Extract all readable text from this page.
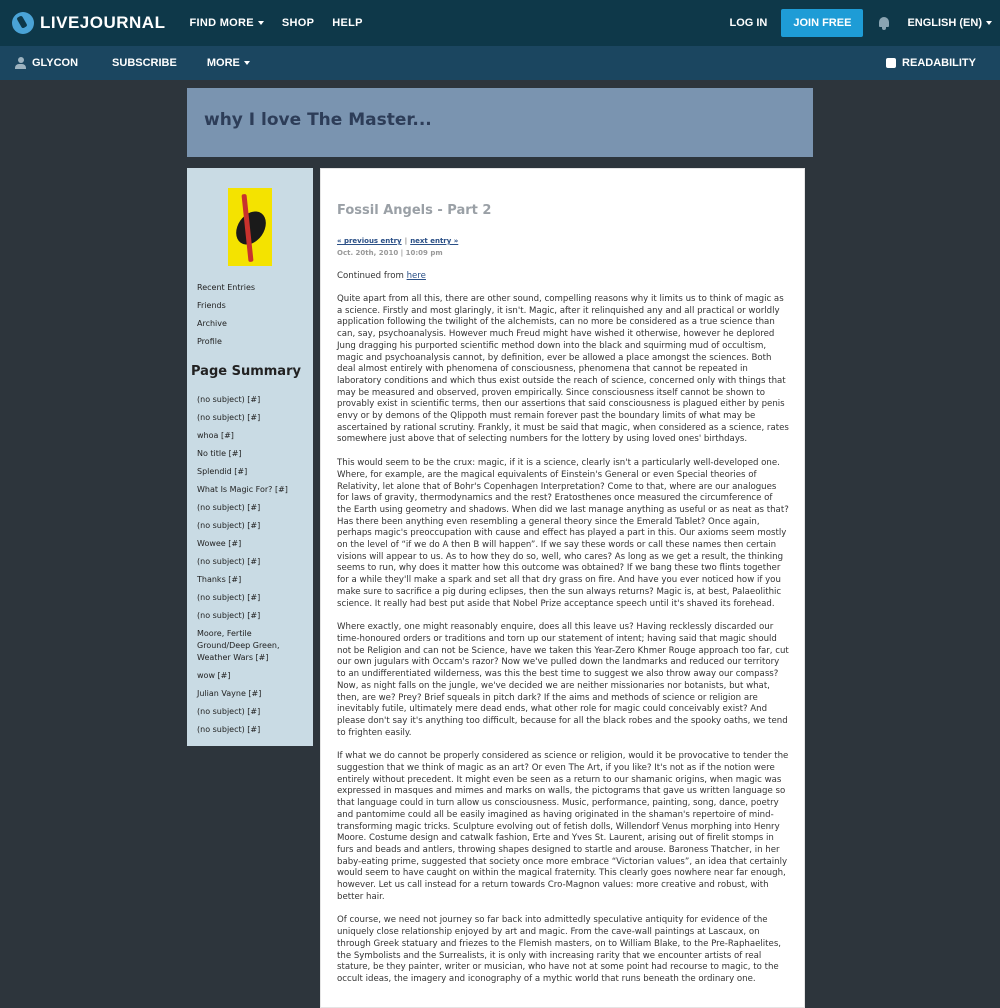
LIVEJOURNAL FIND MORE	SHOP HELP	LOG IN	JOIN FREE	ENGLISH (EN)
GLYCON	SUBSCRIBE	MORE	READABILITY
why I love The Master...
Recent Entries
Friends
Archive
Profile
Page Summary
(no subject) [#]
(no subject) [#]
whoa [#]
No title [#]
Splendid [#]
What Is Magic For? [#]
(no subject) [#]
(no subject) [#]
Wowee [#]
(no subject) [#]
Thanks [#]
(no subject) [#]
(no subject) [#]
Moore, Fertile Ground/Deep Green, Weather Wars [#]
wow [#]
Julian Vayne [#]
(no subject) [#]
(no subject) [#]
Fossil Angels - Part 2
« previous entry | next entry »
Oct. 20th, 2010 | 10:09 pm
Continued from here

Quite apart from all this, there are other sound, compelling reasons why it limits us to think of magic as a science. Firstly and most glaringly, it isn't. Magic, after it relinquished any and all practical or worldly application following the twilight of the alchemists, can no more be considered as a true science than can, say, psychoanalysis. However much Freud might have wished it otherwise, however he deplored Jung dragging his purported scientific method down into the black and squirming mud of occultism, magic and psychoanalysis cannot, by definition, ever be allowed a place amongst the sciences. Both deal almost entirely with phenomena of consciousness, phenomena that cannot be repeated in laboratory conditions and which thus exist outside the reach of science, concerned only with things that may be measured and observed, proven empirically. Since consciousness itself cannot be shown to provably exist in scientific terms, then our assertions that said consciousness is plagued either by penis envy or by demons of the Qlippoth must remain forever past the boundary limits of what may be ascertained by rational scrutiny. Frankly, it must be said that magic, when considered as a science, rates somewhere just above that of selecting numbers for the lottery by using loved ones' birthdays.

This would seem to be the crux: magic, if it is a science, clearly isn't a particularly well-developed one. Where, for example, are the magical equivalents of Einstein's General or even Special theories of Relativity, let alone that of Bohr's Copenhagen Interpretation? Come to that, where are our analogues for laws of gravity, thermodynamics and the rest? Eratosthenes once measured the circumference of the Earth using geometry and shadows. When did we last manage anything as useful or as neat as that? Has there been anything even resembling a general theory since the Emerald Tablet? Once again, perhaps magic's preoccupation with cause and effect has played a part in this. Our axioms seem mostly on the level of “if we do A then B will happen”. If we say these words or call these names then certain visions will appear to us. As to how they do so, well, who cares? As long as we get a result, the thinking seems to run, why does it matter how this outcome was obtained? If we bang these two flints together for a while they'll make a spark and set all that dry grass on fire. And have you ever noticed how if you make sure to sacrifice a pig during eclipses, then the sun always returns? Magic is, at best, Palaeolithic science. It really had best put aside that Nobel Prize acceptance speech until it's shaved its forehead.

Where exactly, one might reasonably enquire, does all this leave us? Having recklessly discarded our time-honoured orders or traditions and torn up our statement of intent; having said that magic should not be Religion and can not be Science, have we taken this Year-Zero Khmer Rouge approach too far, cut our own jugulars with Occam's razor? Now we've pulled down the landmarks and reduced our territory to an undifferentiated wilderness, was this the best time to suggest we also throw away our compass? Now, as night falls on the jungle, we've decided we are neither missionaries nor botanists, but what, then, are we? Prey? Brief squeals in pitch dark? If the aims and methods of science or religion are inevitably futile, ultimately mere dead ends, what other role for magic could conceivably exist? And please don't say it's anything too difficult, because for all the black robes and the spooky oaths, we tend to frighten easily.

If what we do cannot be properly considered as science or religion, would it be provocative to tender the suggestion that we think of magic as an art? Or even The Art, if you like? It's not as if the notion were entirely without precedent. It might even be seen as a return to our shamanic origins, when magic was expressed in masques and mimes and marks on walls, the pictograms that gave us written language so that language could in turn allow us consciousness. Music, performance, painting, song, dance, poetry and pantomime could all be easily imagined as having originated in the shaman's repertoire of mind-transforming magic tricks. Sculpture evolving out of fetish dolls, Willendorf Venus morphing into Henry Moore. Costume design and catwalk fashion, Erte and Yves St. Laurent, arising out of firelit stomps in furs and beads and antlers, throwing shapes designed to startle and arouse. Baroness Thatcher, in her baby-eating prime, suggested that society once more embrace “Victorian values”, an idea that certainly would seem to have caught on within the magical fraternity. This clearly goes nowhere near far enough, however. Let us call instead for a return towards Cro-Magnon values: more creative and robust, with better hair.

Of course, we need not journey so far back into admittedly speculative antiquity for evidence of the uniquely close relationship enjoyed by art and magic. From the cave-wall paintings at Lascaux, on through Greek statuary and friezes to the Flemish masters, on to William Blake, to the Pre-Raphaelites, the Symbolists and the Surrealists, it is only with increasing rarity that we encounter artists of real stature, be they painter, writer or musician, who have not at some point had recourse to magic, to the occult ideas, the imagery and iconography of a mythic world that runs beneath the ordinary one.
